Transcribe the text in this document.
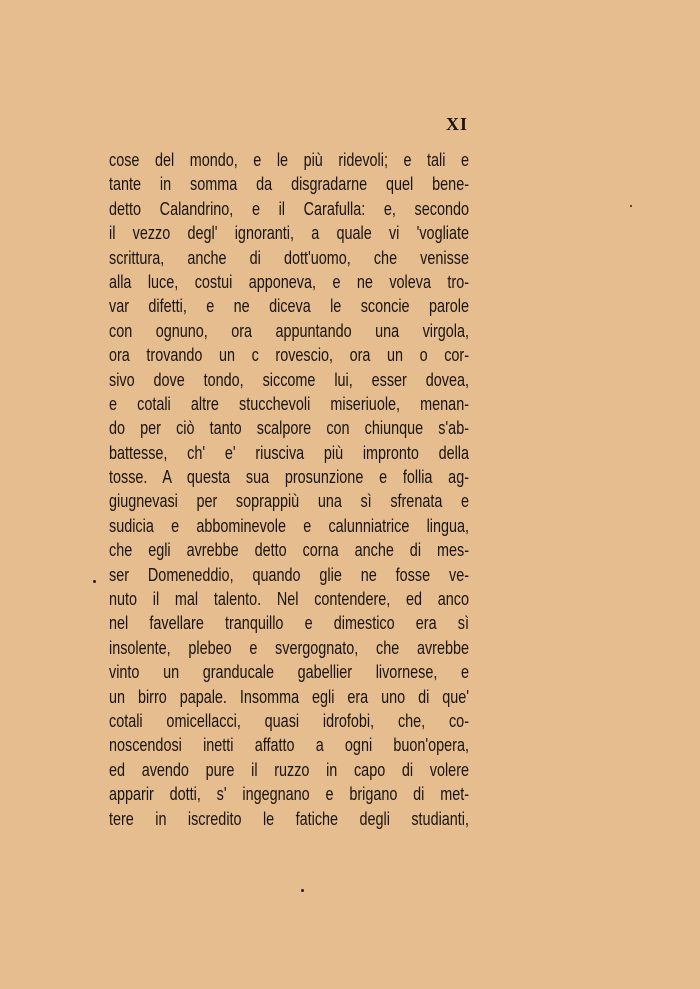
XI
cose del mondo, e le più ridevoli; e tali e
tante in somma da disgradarne quel bene-
detto Calandrino, e il Carafulla: e, secondo
il vezzo degl' ignoranti, a quale vi 'vogliate
scrittura, anche di dott'uomo, che venisse
alla luce, costui apponeva, e ne voleva tro-
var difetti, e ne diceva le sconcie parole
con ognuno, ora appuntando una virgola,
ora trovando un c rovescio, ora un o cor-
sivo dove tondo, siccome lui, esser dovea,
e cotali altre stucchevoli miseriuole, menan-
do per ciò tanto scalpore con chiunque s'ab-
battesse, ch' e' riusciva più impronto della
tosse. A questa sua prosunzione e follia ag-
giugnevasi per soprappiù una sì sfrenata e
sudicia e abbominevole e calunniatrice lingua,
che egli avrebbe detto corna anche di mes-
ser Domeneddio, quando glie ne fosse ve-
nuto il mal talento. Nel contendere, ed anco
nel favellare tranquillo e dimestico era sì
insolente, plebeo e svergognato, che avrebbe
vinto un granducale gabellier livornese, e
un birro papale. Insomma egli era uno di que'
cotali omicellacci, quasi idrofobi, che, co-
noscendosi inetti affatto a ogni buon'opera,
ed avendo pure il ruzzo in capo di volere
apparir dotti, s' ingegnano e brigano di met-
tere in iscredito le fatiche degli studianti,
